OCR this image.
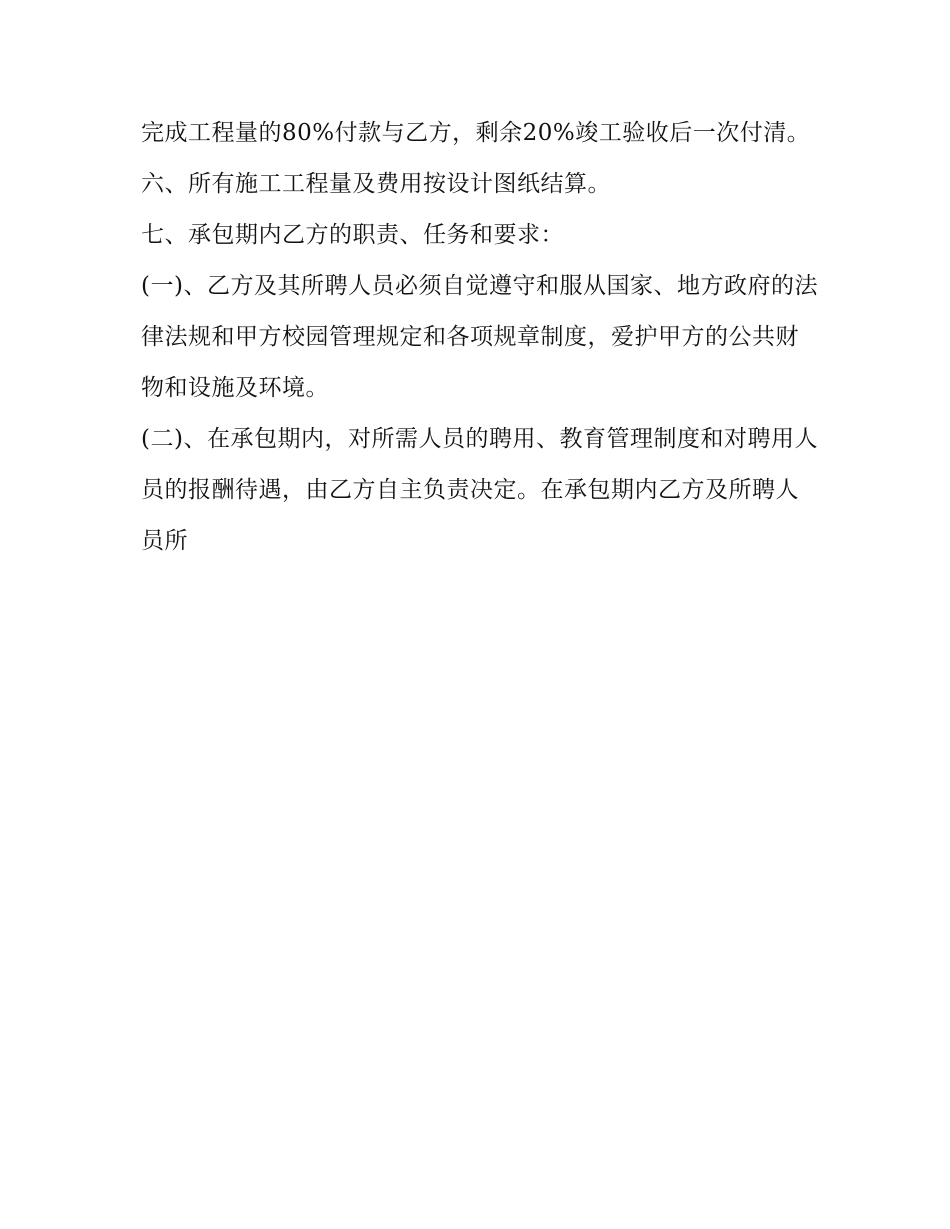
完成工程量的80%付款与乙方，剩余20%竣工验收后一次付清。 六、所有施工工程量及费用按设计图纸结算。

七、承包期内乙方的职责、任务和要求：

(一)、乙方及其所聘人员必须自觉遵守和服从国家、地方政府的法律法规和甲方校园管理规定和各项规章制度，爱护甲方的公共财物和设施及环境。

(二)、在承包期内，对所需人员的聘用、教育管理制度和对聘用人员的报酬待遇，由乙方自主负责决定。在承包期内乙方及所聘人员所
